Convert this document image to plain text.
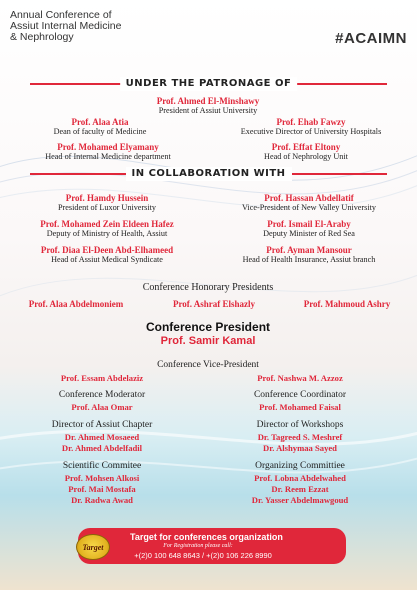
Annual Conference of
Assiut Internal Medicine
& Nephrology	#ACAIMN
UNDER THE PATRONAGE OF
Prof. Ahmed El-Minshawy
President of Assiut University
Prof. Alaa Atia
Dean of faculty of Medicine
Prof. Ehab Fawzy
Executive Director of University Hospitals
Prof. Mohamed Elyamany
Head of Internal Medicine department
Prof. Effat Eltony
Head of Nephrology Unit
IN COLLABORATION WITH
Prof. Hamdy Hussein
President of Luxor University
Prof. Hassan Abdellatif
Vice-President of New Valley University
Prof. Mohamed Zein Eldeen Hafez
Deputy of Ministry of Health, Assiut
Prof. Ismail El-Araby
Deputy Minister of Red Sea
Prof. Diaa El-Deen Abd-Elhameed
Head of Assiut Medical Syndicate
Prof. Ayman Mansour
Head of Health Insurance, Assiut branch
Conference Honorary Presidents
Prof. Alaa Abdelmoniem	Prof. Ashraf Elshazly	Prof. Mahmoud Ashry
Conference President
Prof. Samir Kamal
Conference Vice-President
Prof. Essam Abdelaziz	Prof. Nashwa M. Azzoz
Conference Moderator
Prof. Alaa Omar
Conference Coordinator
Prof. Mohamed Faisal
Director of Assiut Chapter
Dr. Ahmed Mosaeed
Dr. Ahmed Abdelfadil
Director of Workshops
Dr. Tagreed S. Meshref
Dr. Alshymaa Sayed
Scientific Commitee
Prof. Mohsen Alkosi
Prof. Mai Mostafa
Dr. Radwa Awad
Organizing Committiee
Prof. Lobna Abdelwahed
Dr. Reem Ezzat
Dr. Yasser Abdelmawgoud
Target for conferences organization
For Registration please call:
+(2)0 100 648 8643 / +(2)0 106 226 8990
Target
